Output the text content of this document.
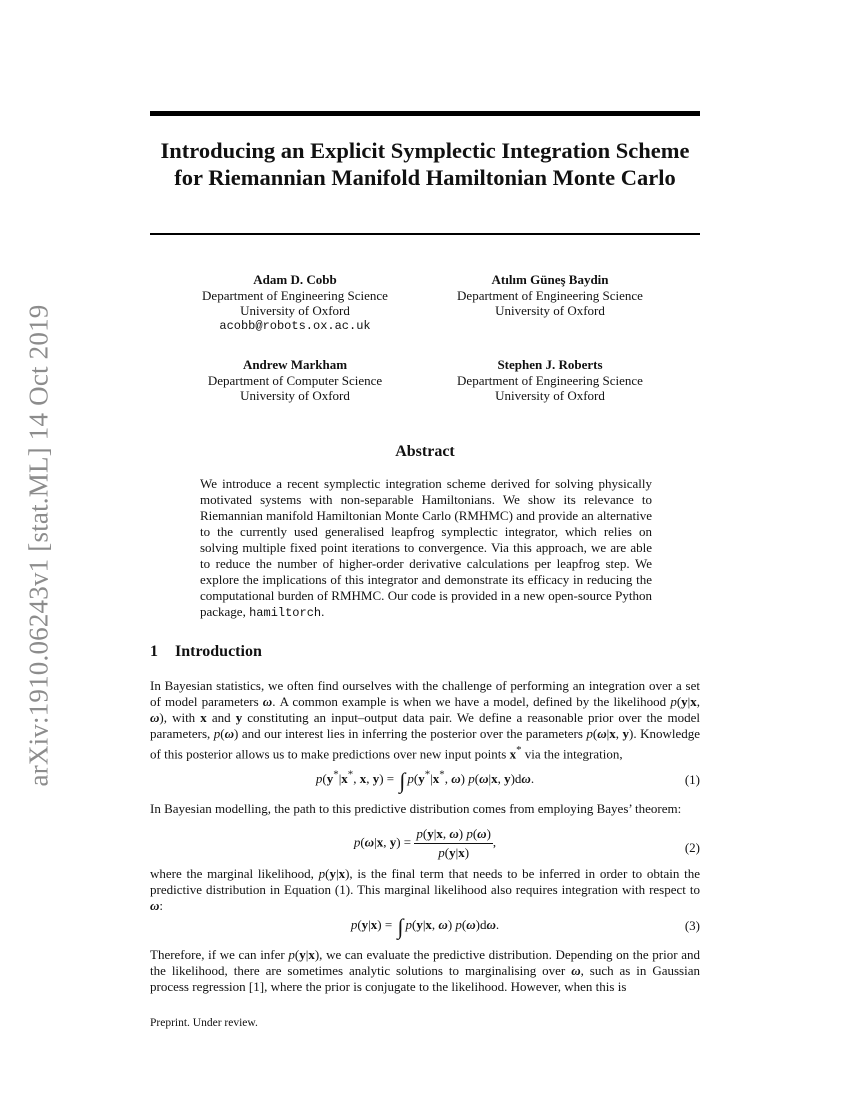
arXiv:1910.06243v1 [stat.ML] 14 Oct 2019
Introducing an Explicit Symplectic Integration Scheme for Riemannian Manifold Hamiltonian Monte Carlo
Adam D. Cobb
Department of Engineering Science
University of Oxford
acobb@robots.ox.ac.uk
Atılım Güneş Baydin
Department of Engineering Science
University of Oxford
Andrew Markham
Department of Computer Science
University of Oxford
Stephen J. Roberts
Department of Engineering Science
University of Oxford
Abstract
We introduce a recent symplectic integration scheme derived for solving physically motivated systems with non-separable Hamiltonians. We show its relevance to Riemannian manifold Hamiltonian Monte Carlo (RMHMC) and provide an alternative to the currently used generalised leapfrog symplectic integrator, which relies on solving multiple fixed point iterations to convergence. Via this approach, we are able to reduce the number of higher-order derivative calculations per leapfrog step. We explore the implications of this integrator and demonstrate its efficacy in reducing the computational burden of RMHMC. Our code is provided in a new open-source Python package, hamiltorch.
1 Introduction
In Bayesian statistics, we often find ourselves with the challenge of performing an integration over a set of model parameters ω. A common example is when we have a model, defined by the likelihood p(y|x, ω), with x and y constituting an input–output data pair. We define a reasonable prior over the model parameters, p(ω) and our interest lies in inferring the posterior over the parameters p(ω|x, y). Knowledge of this posterior allows us to make predictions over new input points x* via the integration,
p(y*|x*, x, y) = ∫ p(y*|x*, ω) p(ω|x, y)dω.	(1)
In Bayesian modelling, the path to this predictive distribution comes from employing Bayes’ theorem:
p(ω|x, $y) = \frac{p(y|x, \omega) p(\omega)}{p(y|x)}$ ,	(2)
where the marginal likelihood, p(y|x), is the final term that needs to be inferred in order to obtain the predictive distribution in Equation (1). This marginal likelihood also requires integration with respect to ω:
p(y|x) = ∫ p(y|x, ω) p(ω)dω.	(3)
Therefore, if we can infer p(y|x), we can evaluate the predictive distribution. Depending on the prior and the likelihood, there are sometimes analytic solutions to marginalising over ω, such as in Gaussian process regression [1], where the prior is conjugate to the likelihood. However, when this is
Preprint. Under review.
